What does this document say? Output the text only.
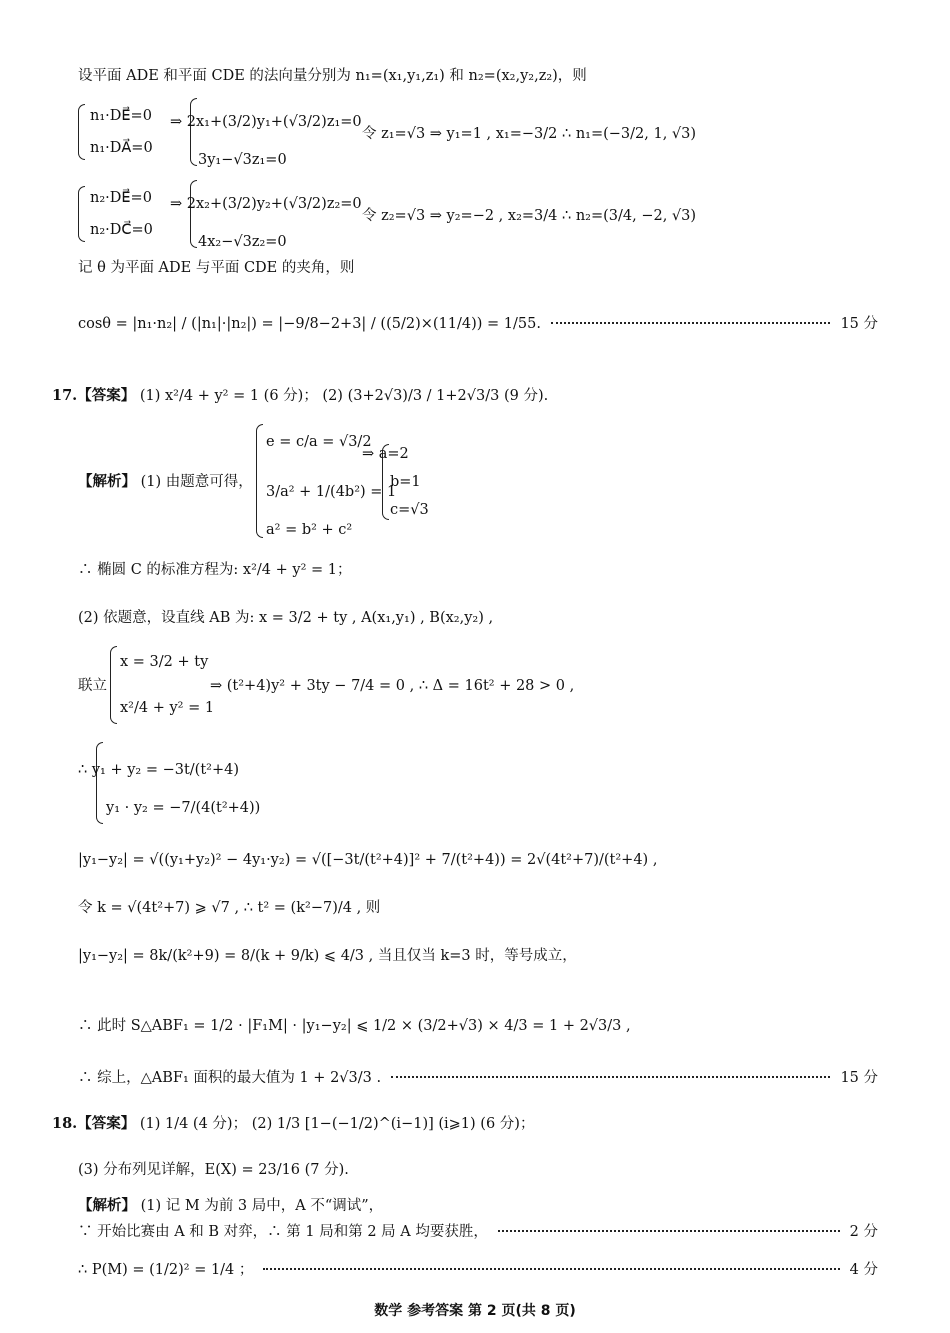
设平面 ADE 和平面 CDE 的法向量分别为 n₁=(x₁,y₁,z₁) 和 n₂=(x₂,y₂,z₂)，则
n₁·DE⃗=0
n₁·DA⃗=0
⇒ 2x₁+(3/2)y₁+(√3/2)z₁=0
3y₁−√3z₁=0
令 z₁=√3 ⇒ y₁=1 , x₁=−3/2 ∴ n₁=(−3/2, 1, √3)
n₂·DE⃗=0
n₂·DC⃗=0
⇒ 2x₂+(3/2)y₂+(√3/2)z₂=0
4x₂−√3z₂=0
令 z₂=√3 ⇒ y₂=−2 , x₂=3/4 ∴ n₂=(3/4, −2, √3)
记 θ 为平面 ADE 与平面 CDE 的夹角，则
cosθ = |n₁·n₂| / (|n₁|·|n₂|) = |−9/8−2+3| / ((5/2)×(11/4)) = 1/55.	15 分
17.【答案】 (1) x²/4 + y² = 1 (6 分)； (2) (3+2√3)/3 / 1+2√3/3 (9 分).
【解析】 (1) 由题意可得，
e = c/a = √3/2
3/a² + 1/(4b²) = 1
a² = b² + c²
⇒ a=2
b=1
c=√3
∴ 椭圆 C 的标准方程为: x²/4 + y² = 1；
(2) 依题意，设直线 AB 为: x = 3/2 + ty , A(x₁,y₁) , B(x₂,y₂) ,
联立
x = 3/2 + ty
x²/4 + y² = 1
⇒ (t²+4)y² + 3ty − 7/4 = 0 , ∴ Δ = 16t² + 28 > 0 ,
∴ y₁ + y₂ = −3t/(t²+4)
y₁ · y₂ = −7/(4(t²+4))
|y₁−y₂| = √((y₁+y₂)² − 4y₁·y₂) = √([−3t/(t²+4)]² + 7/(t²+4)) = 2√(4t²+7)/(t²+4) ,
令 k = √(4t²+7) ⩾ √7 , ∴ t² = (k²−7)/4 , 则
|y₁−y₂| = 8k/(k²+9) = 8/(k + 9/k) ⩽ 4/3 , 当且仅当 k=3 时，等号成立，
∴ 此时 S△ABF₁ = 1/2 · |F₁M| · |y₁−y₂| ⩽ 1/2 × (3/2+√3) × 4/3 = 1 + 2√3/3 ,
∴ 综上，△ABF₁ 面积的最大值为 1 + 2√3/3 .	15 分
18.【答案】 (1) 1/4 (4 分)； (2) 1/3 [1−(−1/2)^(i−1)] (i⩾1) (6 分)；
(3) 分布列见详解，E(X) = 23/16 (7 分).
【解析】 (1) 记 M 为前 3 局中，A 不“调试”，
∵ 开始比赛由 A 和 B 对弈，∴ 第 1 局和第 2 局 A 均要获胜，	2 分
∴ P(M) = (1/2)² = 1/4 ；	4 分
数学 参考答案 第 2 页(共 8 页)
